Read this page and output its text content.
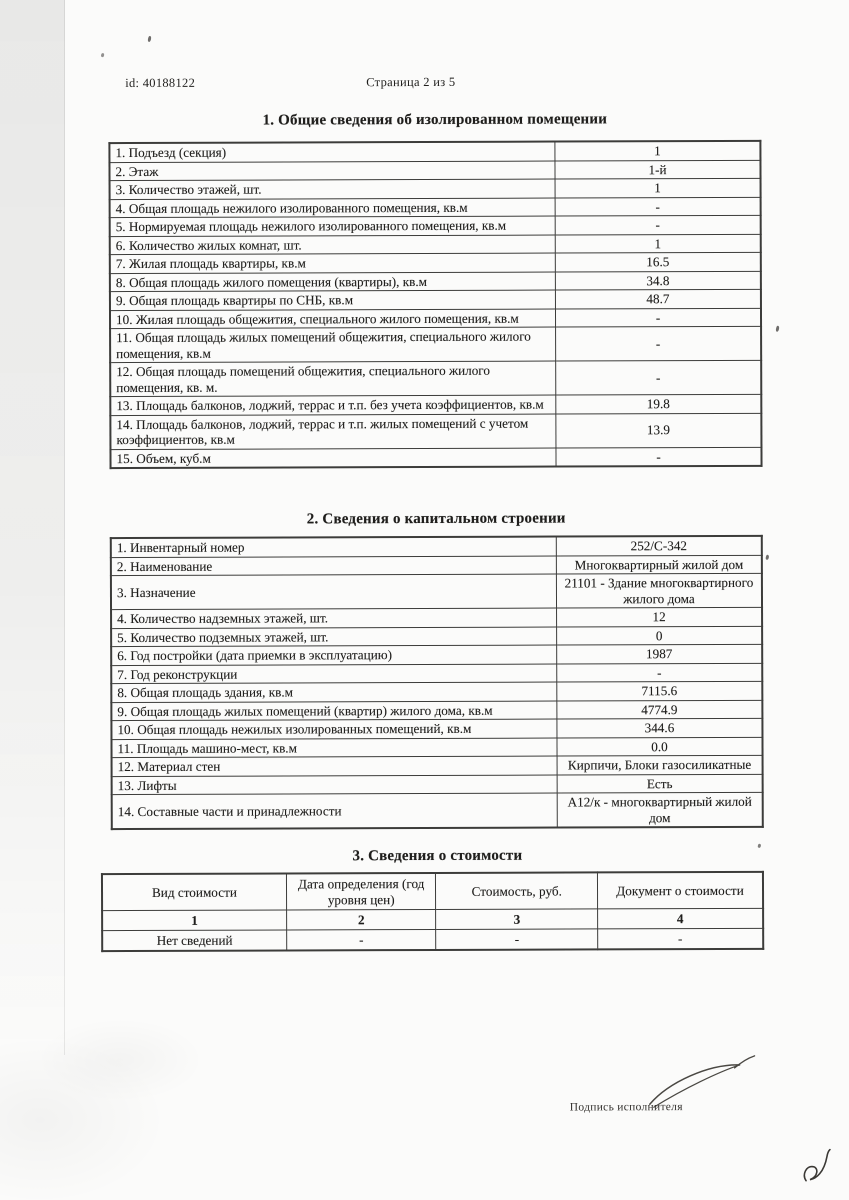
id: 40188122	Страница 2 из 5
1. Общие сведения об изолированном помещении
1. Подъезд (секция)	1
2. Этаж	1-й
3. Количество этажей, шт.	1
4. Общая площадь нежилого изолированного помещения, кв.м	-
5. Нормируемая площадь нежилого изолированного помещения, кв.м	-
6. Количество жилых комнат, шт.	1
7. Жилая площадь квартиры, кв.м	16.5
8. Общая площадь жилого помещения (квартиры), кв.м	34.8
9. Общая площадь квартиры по СНБ, кв.м	48.7
10. Жилая площадь общежития, специального жилого помещения, кв.м	-
11. Общая площадь жилых помещений общежития, специального жилого помещения, кв.м	-
12. Общая площадь помещений общежития, специального жилого помещения, кв. м.	-
13. Площадь балконов, лоджий, террас и т.п. без учета коэффициентов, кв.м	19.8
14. Площадь балконов, лоджий, террас и т.п. жилых помещений с учетом коэффициентов, кв.м	13.9
15. Объем, куб.м	-
2. Сведения о капитальном строении
1. Инвентарный номер	252/С-342
2. Наименование	Многоквартирный жилой дом
3. Назначение	21101 - Здание многоквартирного жилого дома
4. Количество надземных этажей, шт.	12
5. Количество подземных этажей, шт.	0
6. Год постройки (дата приемки в эксплуатацию)	1987
7. Год реконструкции	-
8. Общая площадь здания, кв.м	7115.6
9. Общая площадь жилых помещений (квартир) жилого дома, кв.м	4774.9
10. Общая площадь нежилых изолированных помещений, кв.м	344.6
11. Площадь машино-мест, кв.м	0.0
12. Материал стен	Кирпичи, Блоки газосиликатные
13. Лифты	Есть
14. Составные части и принадлежности	А12/к - многоквартирный жилой дом
3. Сведения о стоимости
Вид стоимости	Дата определения (год уровня цен)	Стоимость, руб.	Документ о стоимости
1	2	3	4
Нет сведений	-	-	-
Подпись исполнителя
